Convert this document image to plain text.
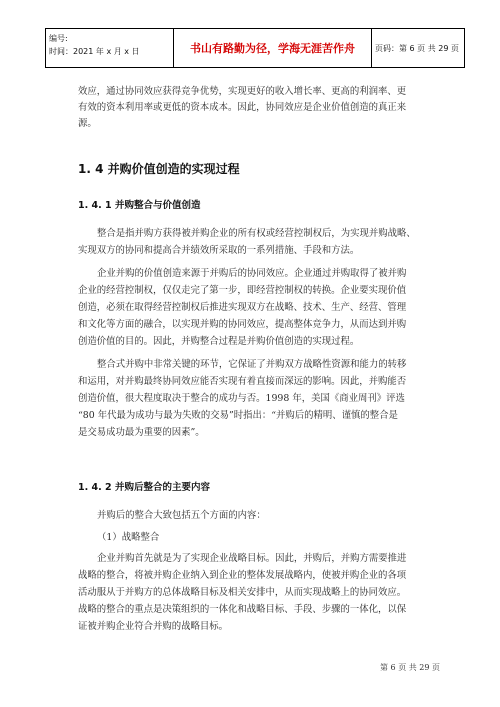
编号:
时间：2021 年 x 月 x 日	书山有路勤为径，学海无涯苦作舟	页码：第 6 页 共 29 页
效应，通过协同效应获得竞争优势，实现更好的收入增长率、更高的利润率、更
有效的资本利用率或更低的资本成本。因此，协同效应是企业价值创造的真正来
源。
1. 4 并购价值创造的实现过程
1. 4. 1 并购整合与价值创造
整合是指并购方获得被并购企业的所有权或经营控制权后，为实现并购战略、
实现双方的协同和提高合并绩效所采取的一系列措施、手段和方法。
企业并购的价值创造来源于并购后的协同效应。企业通过并购取得了被并购
企业的经营控制权，仅仅走完了第一步，即经营控制权的转换。企业要实现价值
创造，必须在取得经营控制权后推进实现双方在战略、技术、生产、经营、管理
和文化等方面的融合，以实现并购的协同效应，提高整体竞争力，从而达到并购
创造价值的目的。因此，并购整合过程是并购价值创造的实现过程。
整合式并购中非常关键的环节，它保证了并购双方战略性资源和能力的转移
和运用，对并购最终协同效应能否实现有着直接而深远的影响。因此，并购能否
创造价值，很大程度取决于整合的成功与否。1998 年，美国《商业周刊》评选
“80 年代最为成功与最为失败的交易”时指出：“并购后的精明、谨慎的整合是
是交易成功最为重要的因素”。
1. 4. 2 并购后整合的主要内容
并购后的整合大致包括五个方面的内容：
（1）战略整合
企业并购首先就是为了实现企业战略目标。因此，并购后，并购方需要推进
战略的整合，将被并购企业纳入到企业的整体发展战略内，使被并购企业的各项
活动服从于并购方的总体战略目标及相关安排中，从而实现战略上的协同效应。
战略的整合的重点是决策组织的一体化和战略目标、手段、步骤的一体化，以保
证被并购企业符合并购的战略目标。
第 6 页 共 29 页
